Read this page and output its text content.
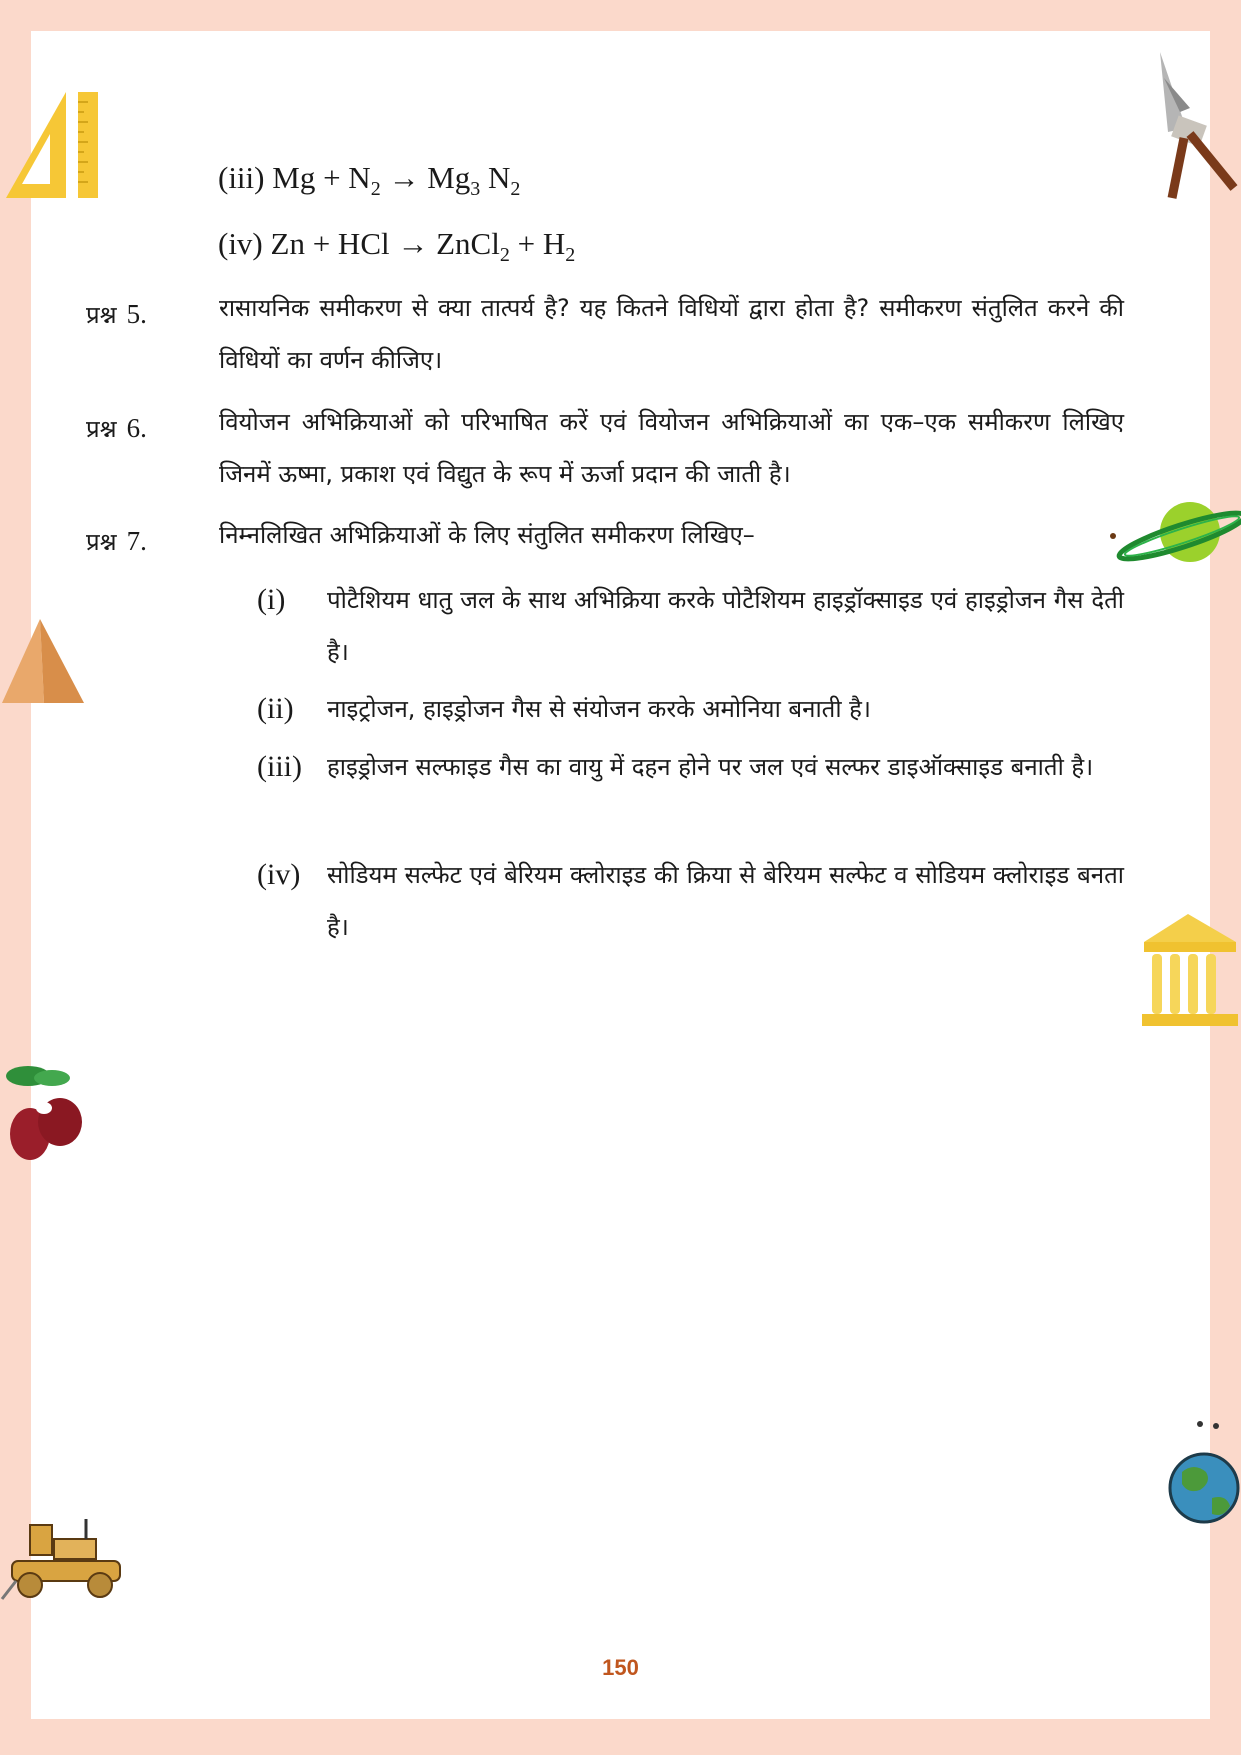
(iii) $Mg + N_2 \to Mg_3$ $N_2$
(iv) Zn + HCl → ZnCl$_2$ + $H_2$
प्रश्न 5.	रासायनिक समीकरण से क्या तात्पर्य है? यह कितने विधियों द्वारा होता है? समीकरण संतुलित करने की विधियों का वर्णन कीजिए।
प्रश्न 6.	वियोजन अभिक्रियाओं को परिभाषित करें एवं वियोजन अभिक्रियाओं का एक–एक समीकरण लिखिए जिनमें ऊष्मा, प्रकाश एवं विद्युत के रूप में ऊर्जा प्रदान की जाती है।
प्रश्न 7.	निम्नलिखित अभिक्रियाओं के लिए संतुलित समीकरण लिखिए–
(i) पोटैशियम धातु जल के साथ अभिक्रिया करके पोटैशियम हाइड्रॉक्साइड एवं हाइड्रोजन गैस देती है।
(ii) नाइट्रोजन, हाइड्रोजन गैस से संयोजन करके अमोनिया बनाती है।
(iii) हाइड्रोजन सल्फाइड गैस का वायु में दहन होने पर जल एवं सल्फर डाइऑक्साइड बनाती है।
(iv) सोडियम सल्फेट एवं बेरियम क्लोराइड की क्रिया से बेरियम सल्फेट व सोडियम क्लोराइड बनता है।
150
